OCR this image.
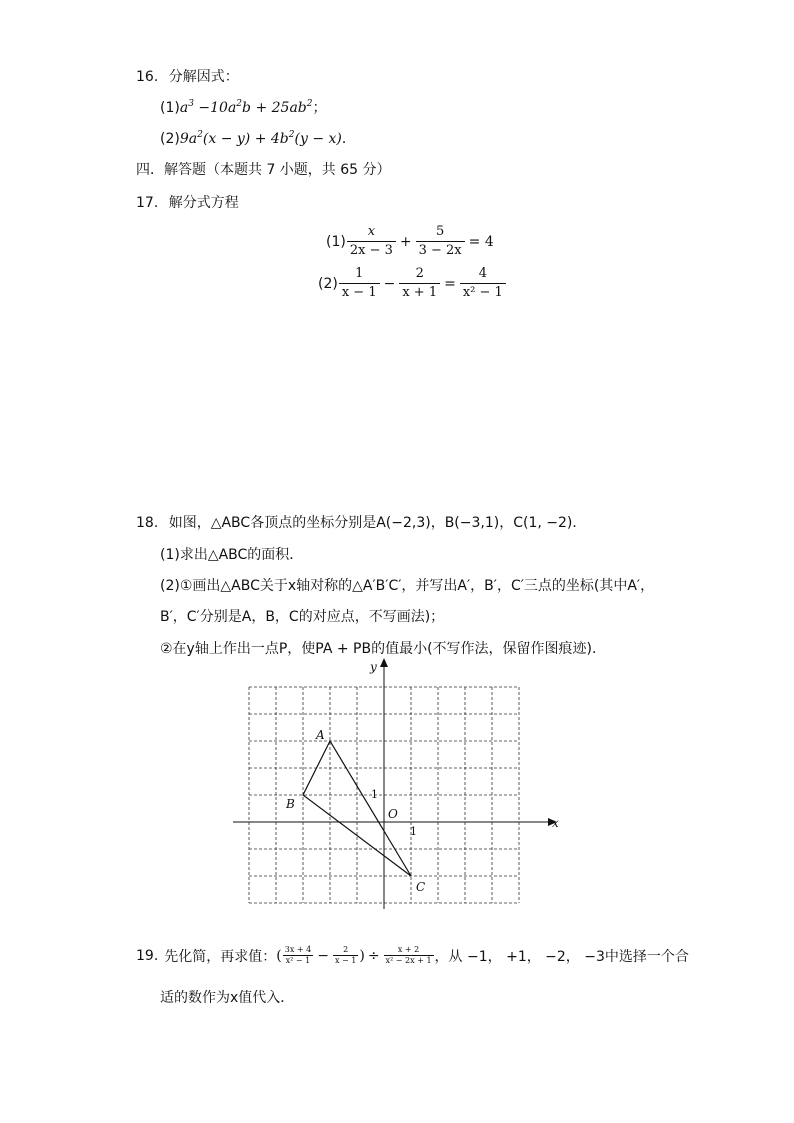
16. 分解因式：
$(1)a^3 -10a^2b + 25ab^2$；
$(2)9a^2(x - y) + 4b^2(y - x)$．
四．解答题（本题共 7 小题，共 65 分）
17. 解分式方程
$(1) \frac{x}{2x - 3} + \frac{5}{3 - 2x} = 4$
$(2) \frac{1}{x - 1} - \frac{2}{x + 1} = \frac{4}{\text{x² − 1}}$
18. 如图，△ABC各顶点的坐标分别是A(−2,3)，B(−3,1)，C(1, −2)．
(1)求出△ABC的面积．
(2)①画出△ABC关于x轴对称的△A′B′C′，并写出A′，B′，C′三点的坐标(其中A′，
B′，C′分别是A，B，C的对应点，不写画法)；
②在y轴上作出一点P，使PA + PB的值最小(不写作法，保留作图痕迹)．
x
y
O
1
1
A
B
C
19. 先化简，再求值： ( $\frac{3x + 4}{\text{x² − 1}} - \frac{2}{x - 1}$ ) ÷ $\frac{x + 2}{\text{x² − 2x + 1}}$ ，从 −1， +1， −2， −3中选择一个合
适的数作为x值代入．
